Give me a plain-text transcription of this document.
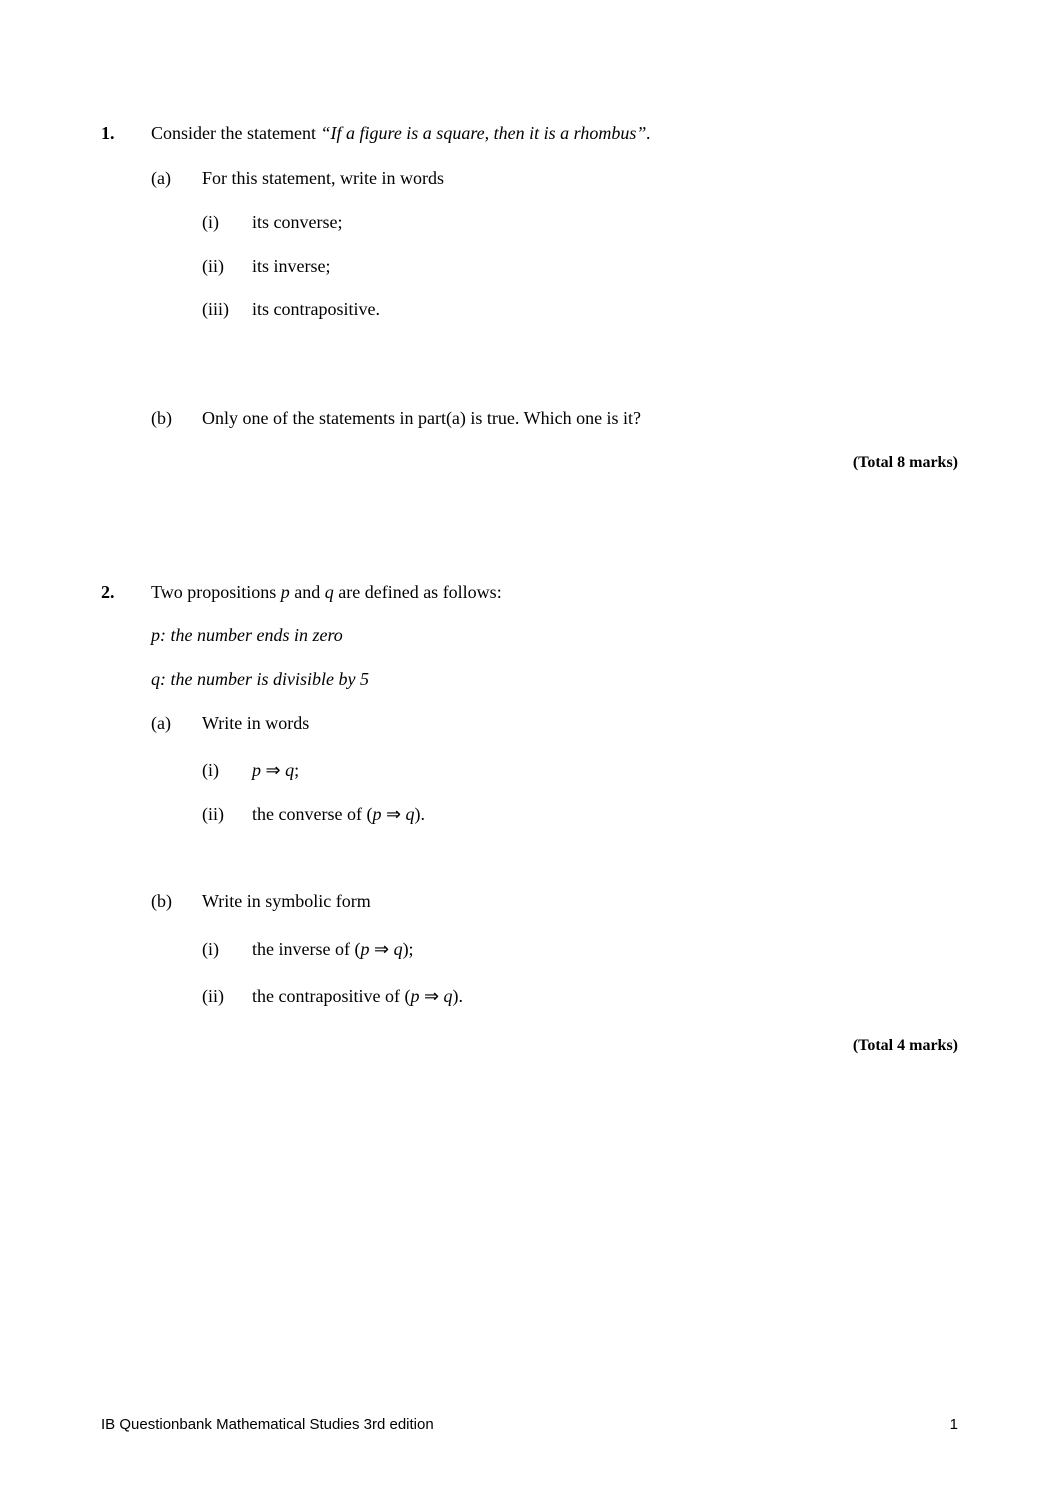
1. Consider the statement “If a figure is a square, then it is a rhombus”.
(a) For this statement, write in words
(i) its converse;
(ii) its inverse;
(iii) its contrapositive.
(b) Only one of the statements in part(a) is true. Which one is it?
(Total 8 marks)
2. Two propositions p and q are defined as follows:
p: the number ends in zero
q: the number is divisible by 5
(a) Write in words
(i) p ⇒ q;
(ii) the converse of (p ⇒ q).
(b) Write in symbolic form
(i) the inverse of (p ⇒ q);
(ii) the contrapositive of (p ⇒ q).
(Total 4 marks)
IB Questionbank Mathematical Studies 3rd edition	1
